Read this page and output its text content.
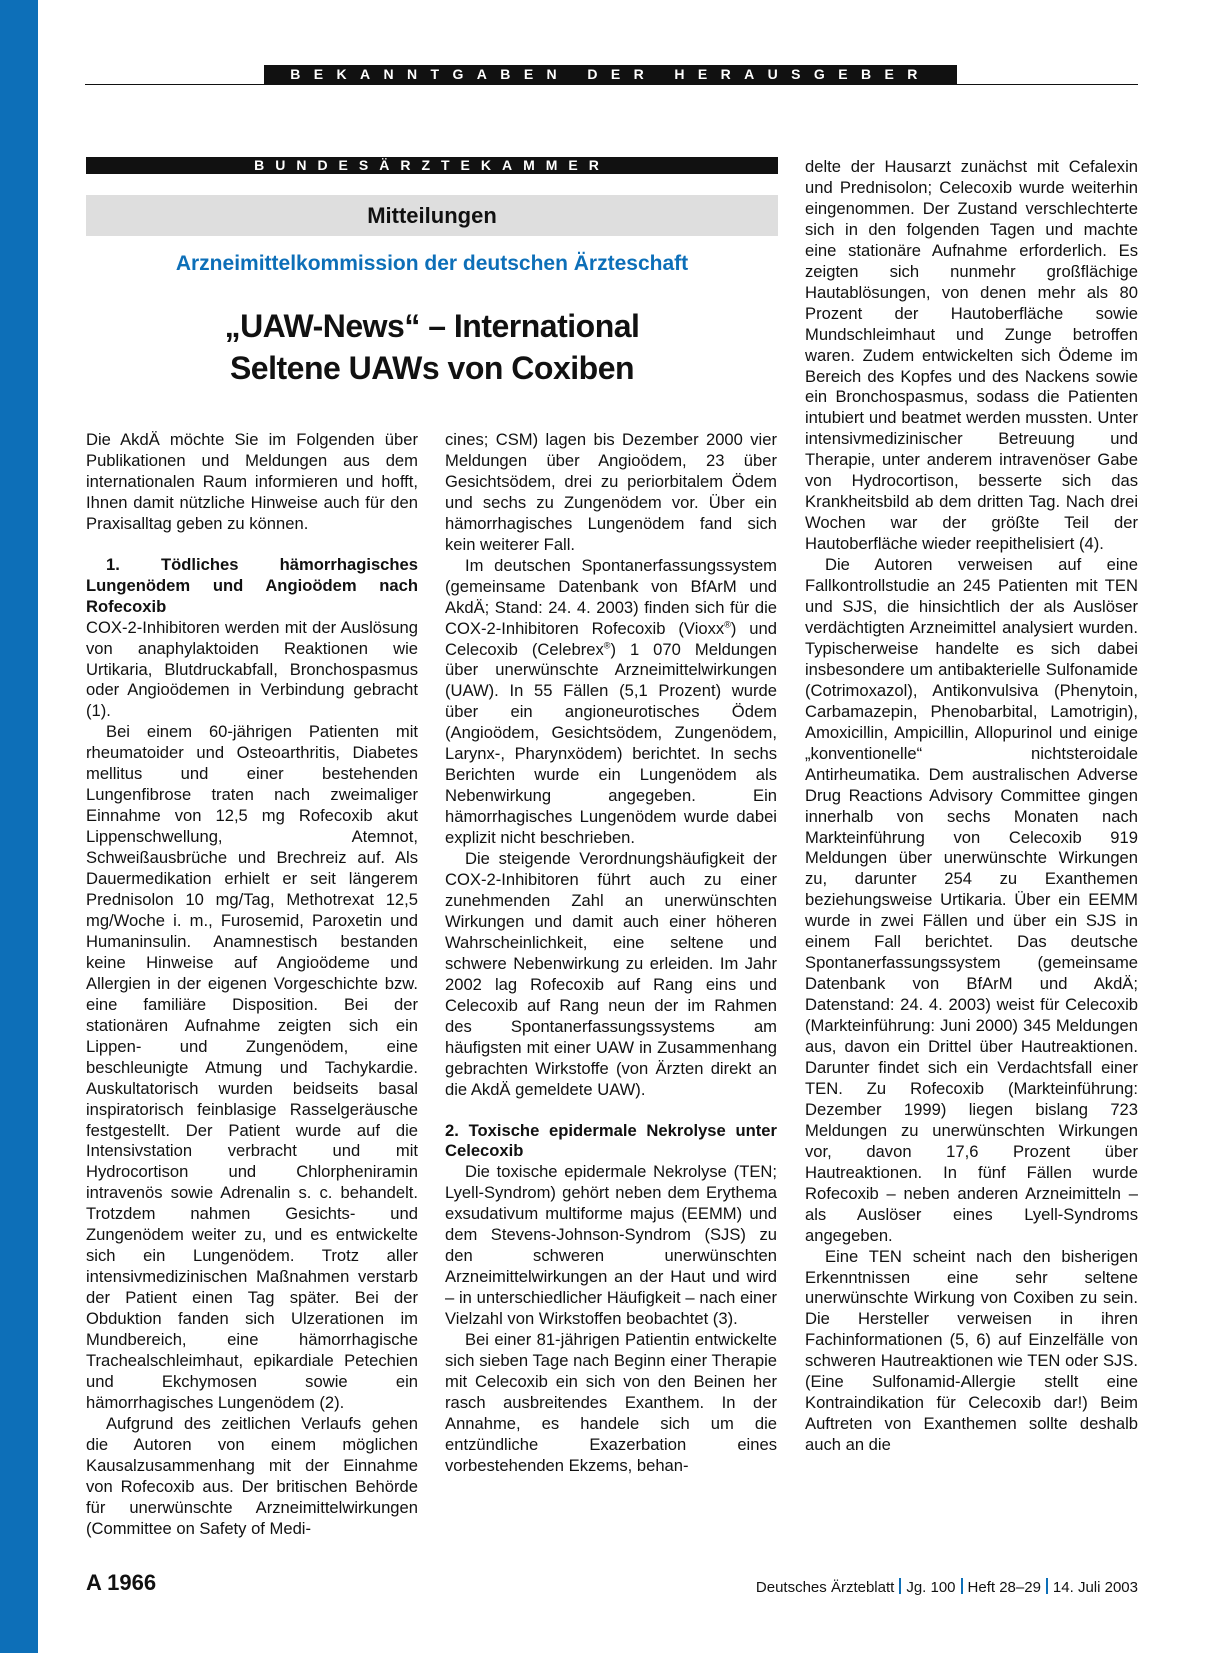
BEKANNTGABEN DER HERAUSGEBER
BUNDESÄRZTEKAMMER
Mitteilungen
Arzneimittelkommission der deutschen Ärzteschaft
„UAW-News“ – International
Seltene UAWs von Coxiben

Die AkdÄ möchte Sie im Folgenden über Publikationen und Meldungen aus dem internationalen Raum informieren und hofft, Ihnen damit nützliche Hinweise auch für den Praxisalltag geben zu können.

1. Tödliches hämorrhagisches Lungenödem und Angioödem nach Rofecoxib

COX-2-Inhibitoren werden mit der Auslösung von anaphylaktoiden Reaktionen wie Urtikaria, Blutdruckabfall, Bronchospasmus oder Angioödemen in Verbindung gebracht (1).

Bei einem 60-jährigen Patienten mit rheumatoider und Osteoarthritis, Diabetes mellitus und einer bestehenden Lungenfibrose traten nach zweimaliger Einnahme von 12,5 mg Rofecoxib akut Lippenschwellung, Atemnot, Schweißausbrüche und Brechreiz auf. Als Dauermedikation erhielt er seit längerem Prednisolon 10 mg/Tag, Methotrexat 12,5 mg/Woche i. m., Furosemid, Paroxetin und Humaninsulin. Anamnestisch bestanden keine Hinweise auf Angioödeme und Allergien in der eigenen Vorgeschichte bzw. eine familiäre Disposition. Bei der stationären Aufnahme zeigten sich ein Lippen- und Zungenödem, eine beschleunigte Atmung und Tachykardie. Auskultatorisch wurden beidseits basal inspiratorisch feinblasige Rasselgeräusche festgestellt. Der Patient wurde auf die Intensivstation verbracht und mit Hydrocortison und Chlorpheniramin intravenös sowie Adrenalin s. c. behandelt. Trotzdem nahmen Gesichts- und Zungenödem weiter zu, und es entwickelte sich ein Lungenödem. Trotz aller intensivmedizinischen Maßnahmen verstarb der Patient einen Tag später. Bei der Obduktion fanden sich Ulzerationen im Mundbereich, eine hämorrhagische Trachealschleimhaut, epikardiale Petechien und Ekchymosen sowie ein hämorrhagisches Lungenödem (2).

Aufgrund des zeitlichen Verlaufs gehen die Autoren von einem möglichen Kausalzusammenhang mit der Einnahme von Rofecoxib aus. Der britischen Behörde für unerwünschte Arzneimittelwirkungen (Committee on Safety of Medi-

cines; CSM) lagen bis Dezember 2000 vier Meldungen über Angioödem, 23 über Gesichtsödem, drei zu periorbitalem Ödem und sechs zu Zungenödem vor. Über ein hämorrhagisches Lungenödem fand sich kein weiterer Fall.

Im deutschen Spontanerfassungssystem (gemeinsame Datenbank von BfArM und AkdÄ; Stand: 24. 4. 2003) finden sich für die COX-2-Inhibitoren Rofecoxib (Vioxx®) und Celecoxib (Celebrex®) 1 070 Meldungen über unerwünschte Arzneimittelwirkungen (UAW). In 55 Fällen (5,1 Prozent) wurde über ein angioneurotisches Ödem (Angioödem, Gesichtsödem, Zungenödem, Larynx-, Pharynxödem) berichtet. In sechs Berichten wurde ein Lungenödem als Nebenwirkung angegeben. Ein hämorrhagisches Lungenödem wurde dabei explizit nicht beschrieben.

Die steigende Verordnungshäufigkeit der COX-2-Inhibitoren führt auch zu einer zunehmenden Zahl an unerwünschten Wirkungen und damit auch einer höheren Wahrscheinlichkeit, eine seltene und schwere Nebenwirkung zu erleiden. Im Jahr 2002 lag Rofecoxib auf Rang eins und Celecoxib auf Rang neun der im Rahmen des Spontanerfassungssystems am häufigsten mit einer UAW in Zusammenhang gebrachten Wirkstoffe (von Ärzten direkt an die AkdÄ gemeldete UAW).

2. Toxische epidermale Nekrolyse unter Celecoxib

Die toxische epidermale Nekrolyse (TEN; Lyell-Syndrom) gehört neben dem Erythema exsudativum multiforme majus (EEMM) und dem Stevens-Johnson-Syndrom (SJS) zu den schweren unerwünschten Arzneimittelwirkungen an der Haut und wird – in unterschiedlicher Häufigkeit – nach einer Vielzahl von Wirkstoffen beobachtet (3).

Bei einer 81-jährigen Patientin entwickelte sich sieben Tage nach Beginn einer Therapie mit Celecoxib ein sich von den Beinen her rasch ausbreitendes Exanthem. In der Annahme, es handele sich um die entzündliche Exazerbation eines vorbestehenden Ekzems, behan-

delte der Hausarzt zunächst mit Cefalexin und Prednisolon; Celecoxib wurde weiterhin eingenommen. Der Zustand verschlechterte sich in den folgenden Tagen und machte eine stationäre Aufnahme erforderlich. Es zeigten sich nunmehr großflächige Hautablösungen, von denen mehr als 80 Prozent der Hautoberfläche sowie Mundschleimhaut und Zunge betroffen waren. Zudem entwickelten sich Ödeme im Bereich des Kopfes und des Nackens sowie ein Bronchospasmus, sodass die Patienten intubiert und beatmet werden mussten. Unter intensivmedizinischer Betreuung und Therapie, unter anderem intravenöser Gabe von Hydrocortison, besserte sich das Krankheitsbild ab dem dritten Tag. Nach drei Wochen war der größte Teil der Hautoberfläche wieder reepithelisiert (4).

Die Autoren verweisen auf eine Fallkontrollstudie an 245 Patienten mit TEN und SJS, die hinsichtlich der als Auslöser verdächtigten Arzneimittel analysiert wurden. Typischerweise handelte es sich dabei insbesondere um antibakterielle Sulfonamide (Cotrimoxazol), Antikonvulsiva (Phenytoin, Carbamazepin, Phenobarbital, Lamotrigin), Amoxicillin, Ampicillin, Allopurinol und einige „konventionelle“ nichtsteroidale Antirheumatika. Dem australischen Adverse Drug Reactions Advisory Committee gingen innerhalb von sechs Monaten nach Markteinführung von Celecoxib 919 Meldungen über unerwünschte Wirkungen zu, darunter 254 zu Exanthemen beziehungsweise Urtikaria. Über ein EEMM wurde in zwei Fällen und über ein SJS in einem Fall berichtet. Das deutsche Spontanerfassungssystem (gemeinsame Datenbank von BfArM und AkdÄ; Datenstand: 24. 4. 2003) weist für Celecoxib (Markteinführung: Juni 2000) 345 Meldungen aus, davon ein Drittel über Hautreaktionen. Darunter findet sich ein Verdachtsfall einer TEN. Zu Rofecoxib (Markteinführung: Dezember 1999) liegen bislang 723 Meldungen zu unerwünschten Wirkungen vor, davon 17,6 Prozent über Hautreaktionen. In fünf Fällen wurde Rofecoxib – neben anderen Arzneimitteln – als Auslöser eines Lyell-Syndroms angegeben.

Eine TEN scheint nach den bisherigen Erkenntnissen eine sehr seltene unerwünschte Wirkung von Coxiben zu sein. Die Hersteller verweisen in ihren Fachinformationen (5, 6) auf Einzelfälle von schweren Hautreaktionen wie TEN oder SJS. (Eine Sulfonamid-Allergie stellt eine Kontraindikation für Celecoxib dar!) Beim Auftreten von Exanthemen sollte deshalb auch an die

A 1966	Deutsches Ärzteblatt Jg. 100 Heft 28–29 14. Juli 2003
